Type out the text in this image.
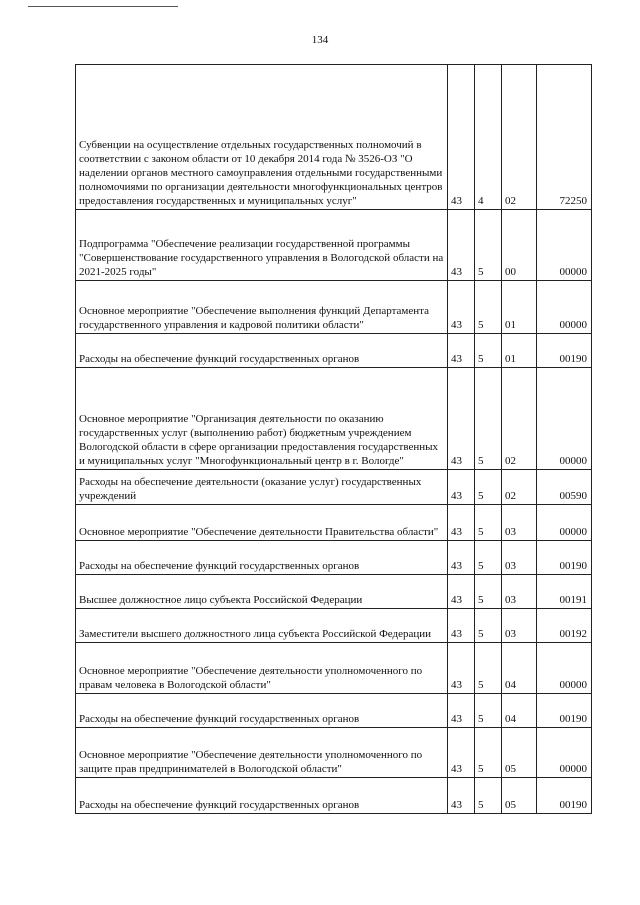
134
Субвенции на осуществление отдельных государственных полномочий в соответствии с законом области от 10 декабря 2014 года № 3526-ОЗ "О наделении органов местного самоуправления отдельными государственными полномочиями по организации деятельности многофункциональных центров предоставления государственных и муниципальных услуг"	43	4	02	72250
Подпрограмма "Обеспечение реализации государственной программы "Совершенствование государственного управления в Вологодской области на 2021-2025 годы"	43	5	00	00000
Основное мероприятие "Обеспечение выполнения функций Департамента государственного управления и кадровой политики области"	43	5	01	00000
Расходы на обеспечение функций государственных органов	43	5	01	00190
Основное мероприятие "Организация деятельности по оказанию государственных услуг (выполнению работ) бюджетным учреждением Вологодской области в сфере организации предоставления государственных и муниципальных услуг "Многофункциональный центр в г. Вологде"	43	5	02	00000
Расходы на обеспечение деятельности (оказание услуг) государственных учреждений	43	5	02	00590
Основное мероприятие "Обеспечение деятельности Правительства области"	43	5	03	00000
Расходы на обеспечение функций государственных органов	43	5	03	00190
Высшее должностное лицо субъекта Российской Федерации	43	5	03	00191
Заместители высшего должностного лица субъекта Российской Федерации	43	5	03	00192
Основное мероприятие "Обеспечение деятельности уполномоченного по правам человека в Вологодской области"	43	5	04	00000
Расходы на обеспечение функций государственных органов	43	5	04	00190
Основное мероприятие "Обеспечение деятельности уполномоченного по защите прав предпринимателей в Вологодской области"	43	5	05	00000
Расходы на обеспечение функций государственных органов	43	5	05	00190
